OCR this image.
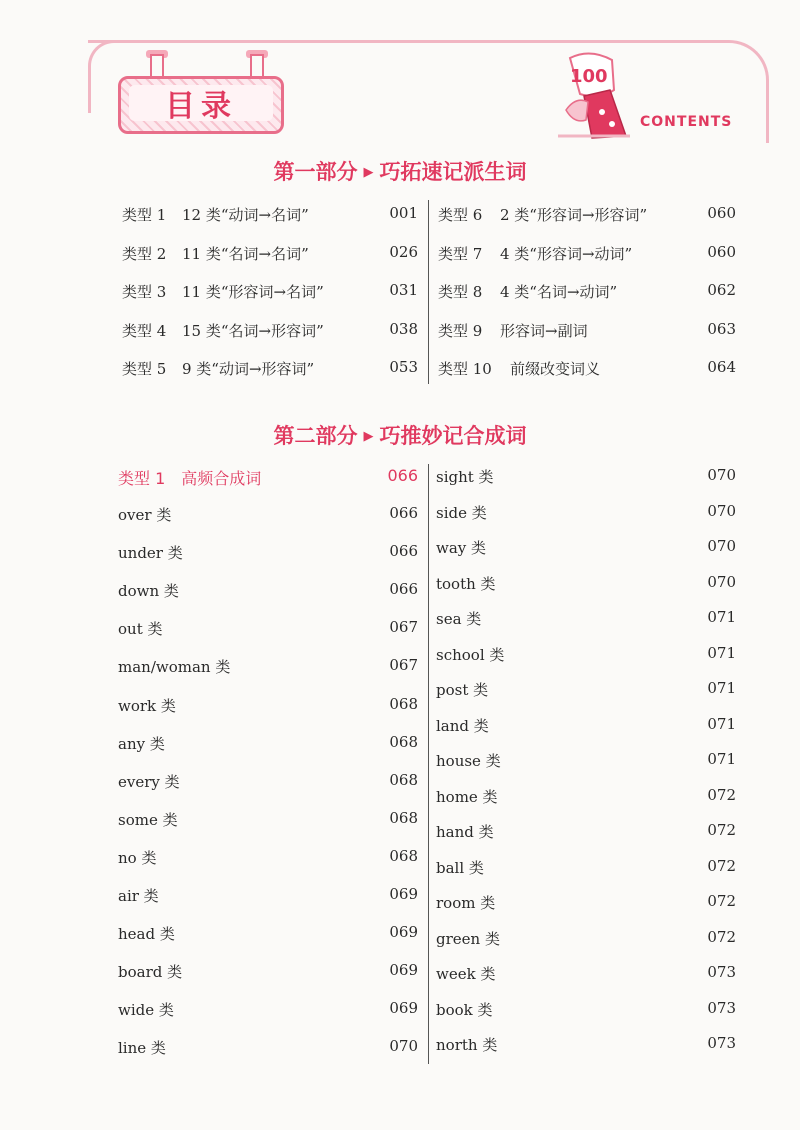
目录
100
CONTENTS
第一部分 ▶ 巧拓速记派生词
类型 1 12 类“动词→名词”	001
类型 2 11 类“名词→名词”	026
类型 3 11 类“形容词→名词”	031
类型 4 15 类“名词→形容词”	038
类型 5 9 类“动词→形容词”	053
类型 6 2 类“形容词→形容词”	060
类型 7 4 类“形容词→动词”	060
类型 8 4 类“名词→动词”	062
类型 9 形容词→副词	063
类型 10 前缀改变词义	064
第二部分 ▶ 巧推妙记合成词
类型 1 高频合成词	066
over 类	066
under 类	066
down 类	066
out 类	067
man/woman 类	067
work 类	068
any 类	068
every 类	068
some 类	068
no 类	068
air 类	069
head 类	069
board 类	069
wide 类	069
line 类	070
sight 类	070
side 类	070
way 类	070
tooth 类	070
sea 类	071
school 类	071
post 类	071
land 类	071
house 类	071
home 类	072
hand 类	072
ball 类	072
room 类	072
green 类	072
week 类	073
book 类	073
north 类	073
